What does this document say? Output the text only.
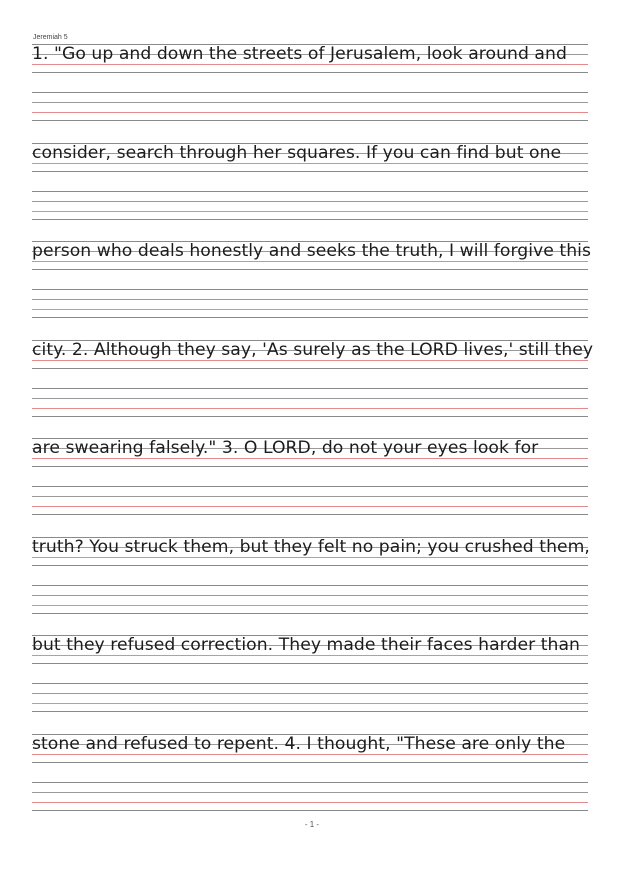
Jeremiah 5
1. "Go up and down the streets of Jerusalem, look around and
consider, search through her squares. If you can find but one
person who deals honestly and seeks the truth, I will forgive this
city. 2. Although they say, 'As surely as the LORD lives,' still they
are swearing falsely." 3. O LORD, do not your eyes look for
truth? You struck them, but they felt no pain; you crushed them,
but they refused correction. They made their faces harder than
stone and refused to repent. 4. I thought, "These are only the
- 1 -
